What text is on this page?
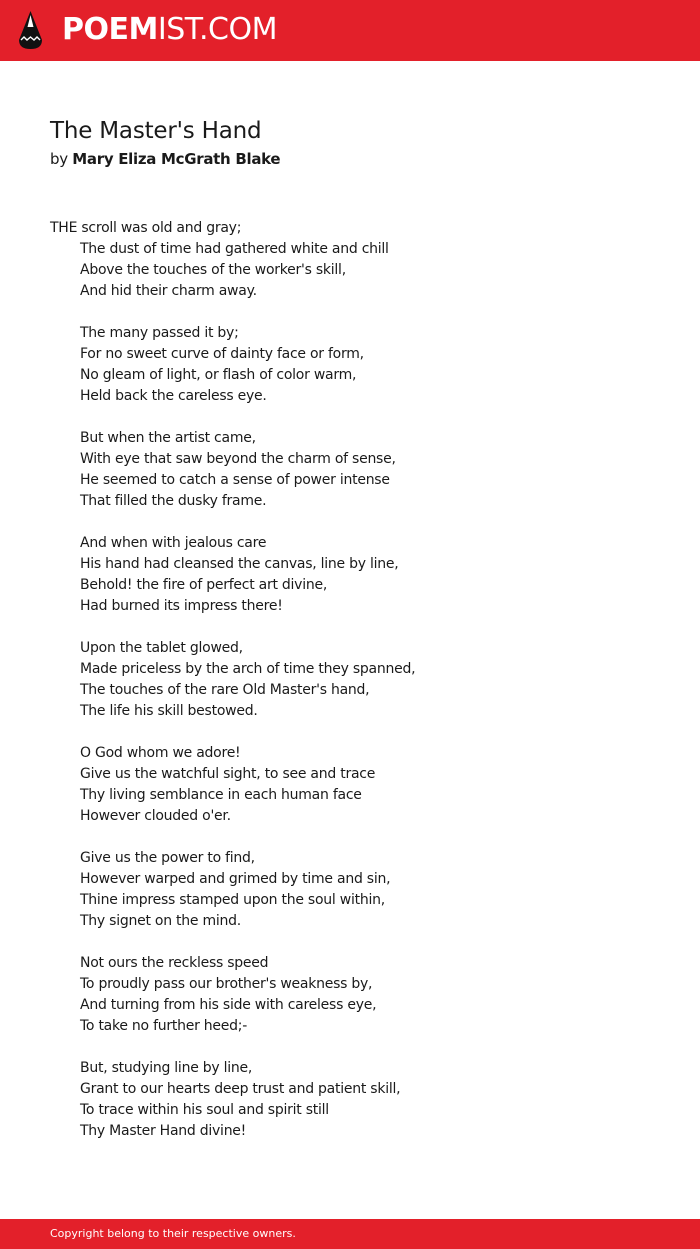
POEMIST.COM
The Master's Hand
by Mary Eliza McGrath Blake
THE scroll was old and gray;
The dust of time had gathered white and chill
Above the touches of the worker's skill,
And hid their charm away.
The many passed it by;
For no sweet curve of dainty face or form,
No gleam of light, or flash of color warm,
Held back the careless eye.
But when the artist came,
With eye that saw beyond the charm of sense,
He seemed to catch a sense of power intense
That filled the dusky frame.
And when with jealous care
His hand had cleansed the canvas, line by line,
Behold! the fire of perfect art divine,
Had burned its impress there!
Upon the tablet glowed,
Made priceless by the arch of time they spanned,
The touches of the rare Old Master's hand,
The life his skill bestowed.
O God whom we adore!
Give us the watchful sight, to see and trace
Thy living semblance in each human face
However clouded o'er.
Give us the power to find,
However warped and grimed by time and sin,
Thine impress stamped upon the soul within,
Thy signet on the mind.
Not ours the reckless speed
To proudly pass our brother's weakness by,
And turning from his side with careless eye,
To take no further heed;-
But, studying line by line,
Grant to our hearts deep trust and patient skill,
To trace within his soul and spirit still
Thy Master Hand divine!
Copyright belong to their respective owners.
